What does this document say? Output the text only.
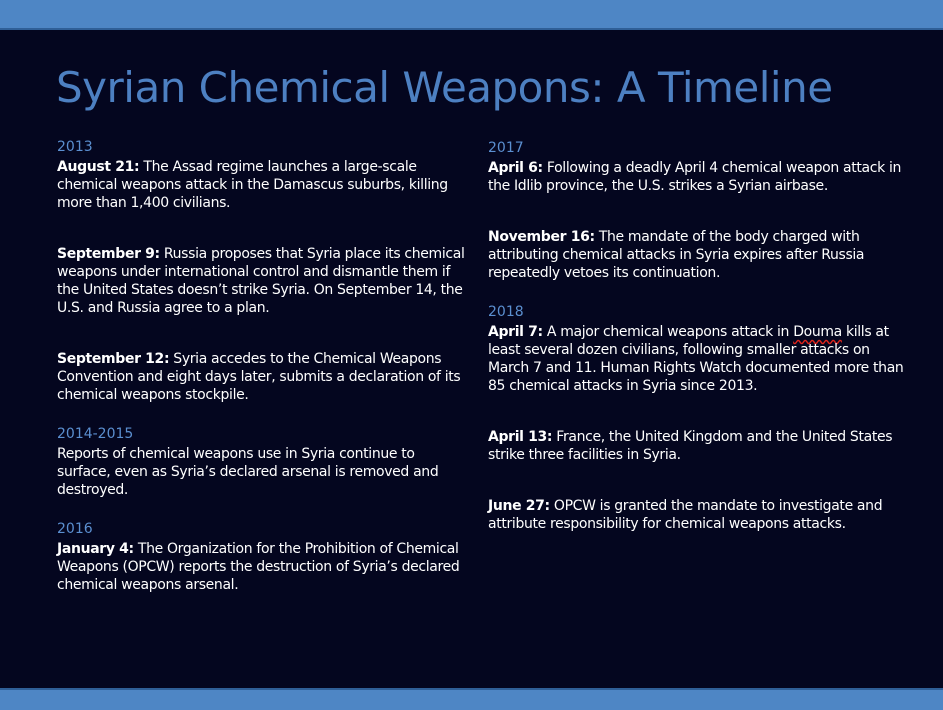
Syrian Chemical Weapons: A Timeline
2013
August 21: The Assad regime launches a large-scale chemical weapons attack in the Damascus suburbs, killing more than 1,400 civilians.
September 9: Russia proposes that Syria place its chemical weapons under international control and dismantle them if the United States doesn’t strike Syria. On September 14, the U.S. and Russia agree to a plan.
September 12: Syria accedes to the Chemical Weapons Convention and eight days later, submits a declaration of its chemical weapons stockpile.
2014-2015
Reports of chemical weapons use in Syria continue to surface, even as Syria’s declared arsenal is removed and destroyed.
2016
January 4: The Organization for the Prohibition of Chemical Weapons (OPCW) reports the destruction of Syria’s declared chemical weapons arsenal.
2017
April 6: Following a deadly April 4 chemical weapon attack in the Idlib province, the U.S. strikes a Syrian airbase.
November 16: The mandate of the body charged with attributing chemical attacks in Syria expires after Russia repeatedly vetoes its continuation.
2018
April 7: A major chemical weapons attack in Douma kills at least several dozen civilians, following smaller attacks on March 7 and 11. Human Rights Watch documented more than 85 chemical attacks in Syria since 2013.
April 13: France, the United Kingdom and the United States strike three facilities in Syria.
June 27: OPCW is granted the mandate to investigate and attribute responsibility for chemical weapons attacks.
